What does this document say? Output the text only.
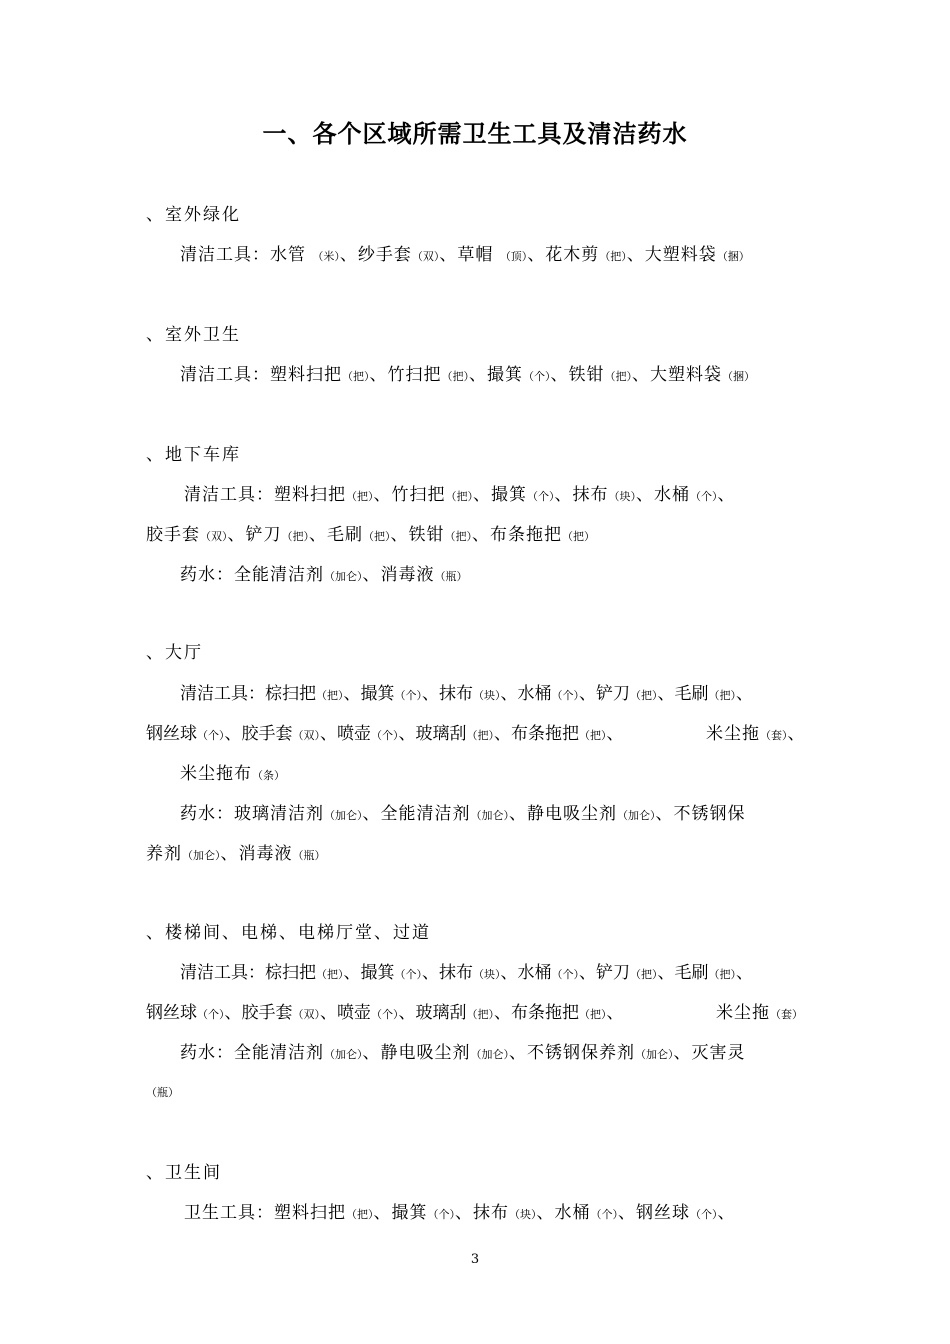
一、各个区域所需卫生工具及清洁药水

、室外绿化

清洁工具：水管 （米）、纱手套（双）、草帽 （顶）、花木剪（把）、大塑料袋（捆）

、室外卫生

清洁工具：塑料扫把（把）、竹扫把（把）、撮箕（个）、铁钳（把）、大塑料袋（捆）

、地下车库

清洁工具：塑料扫把（把）、竹扫把（把）、撮箕（个）、抹布（块）、水桶（个）、

胶手套（双）、铲刀（把）、毛刷（把）、铁钳（把）、布条拖把（把）

药水：全能清洁剂（加仑）、消毒液（瓶）

、大厅

清洁工具：棕扫把（把）、撮箕（个）、抹布（块）、水桶（个）、铲刀（把）、毛刷（把）、

钢丝球（个）、胶手套（双）、喷壶（个）、玻璃刮（把）、布条拖把（把）、	米尘拖（套）、

米尘拖布（条）

药水：玻璃清洁剂（加仑）、全能清洁剂（加仑）、静电吸尘剂（加仑）、不锈钢保

养剂（加仑）、消毒液（瓶）

、楼梯间、电梯、电梯厅堂、过道

清洁工具：棕扫把（把）、撮箕（个）、抹布（块）、水桶（个）、铲刀（把）、毛刷（把）、

钢丝球（个）、胶手套（双）、喷壶（个）、玻璃刮（把）、布条拖把（把）、	米尘拖（套）

药水：全能清洁剂（加仑）、静电吸尘剂（加仑）、不锈钢保养剂（加仑）、灭害灵

（瓶）

、卫生间

卫生工具：塑料扫把（把）、撮箕（个）、抹布（块）、水桶（个）、钢丝球（个）、

3
